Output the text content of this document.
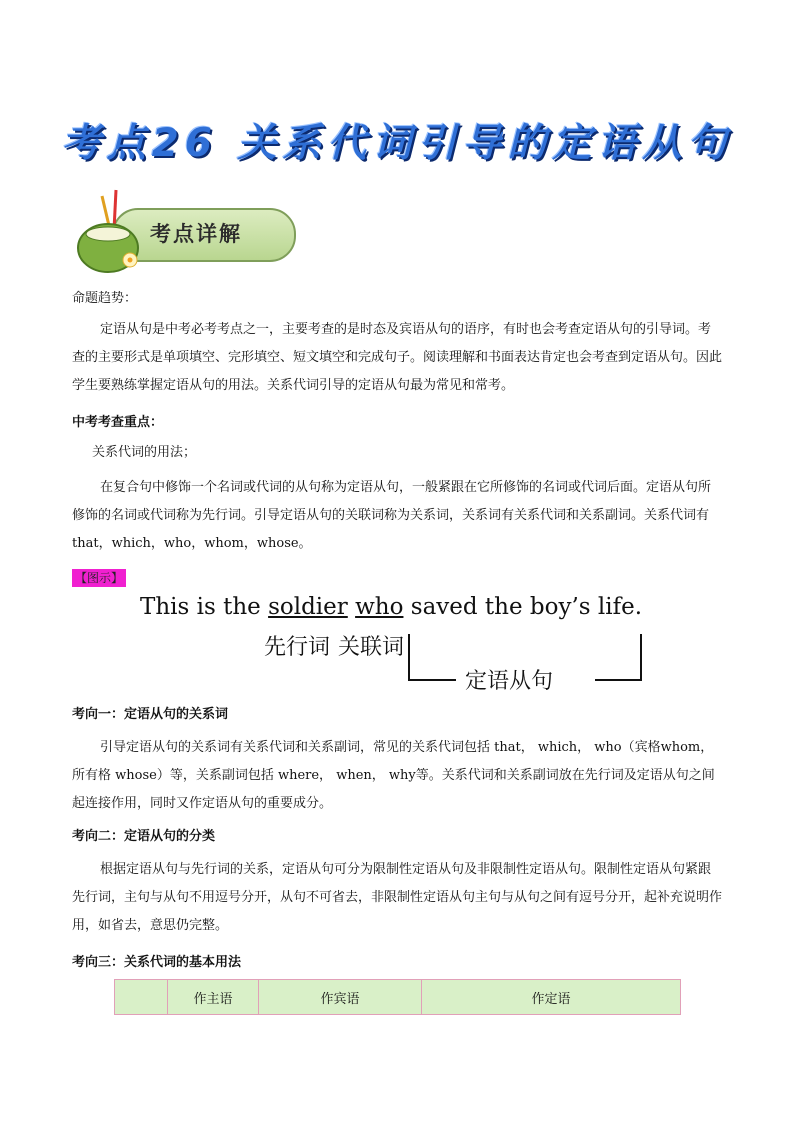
考点26 关系代词引导的定语从句
考点详解
命题趋势：
定语从句是中考必考考点之一，主要考查的是时态及宾语从句的语序，有时也会考查定语从句的引导词。考查的主要形式是单项填空、完形填空、短文填空和完成句子。阅读理解和书面表达肯定也会考查到定语从句。因此学生要熟练掌握定语从句的用法。关系代词引导的定语从句最为常见和常考。
中考考查重点：
关系代词的用法；
在复合句中修饰一个名词或代词的从句称为定语从句，一般紧跟在它所修饰的名词或代词后面。定语从句所修饰的名词或代词称为先行词。引导定语从句的关联词称为关系词，关系词有关系代词和关系副词。关系代词有 that，which，who，whom，whose。
【图示】
This is the soldier who saved the boy’s life.
先行词 关联词
定语从句
考向一：定语从句的关系词
引导定语从句的关系词有关系代词和关系副词，常见的关系代词包括 that， which， who（宾格whom，所有格 whose）等，关系副词包括 where， when， why等。关系代词和关系副词放在先行词及定语从句之间起连接作用，同时又作定语从句的重要成分。
考向二：定语从句的分类
根据定语从句与先行词的关系，定语从句可分为限制性定语从句及非限制性定语从句。限制性定语从句紧跟先行词，主句与从句不用逗号分开，从句不可省去，非限制性定语从句主句与从句之间有逗号分开，起补充说明作用，如省去，意思仍完整。
考向三：关系代词的基本用法
	作主语	作宾语	作定语
